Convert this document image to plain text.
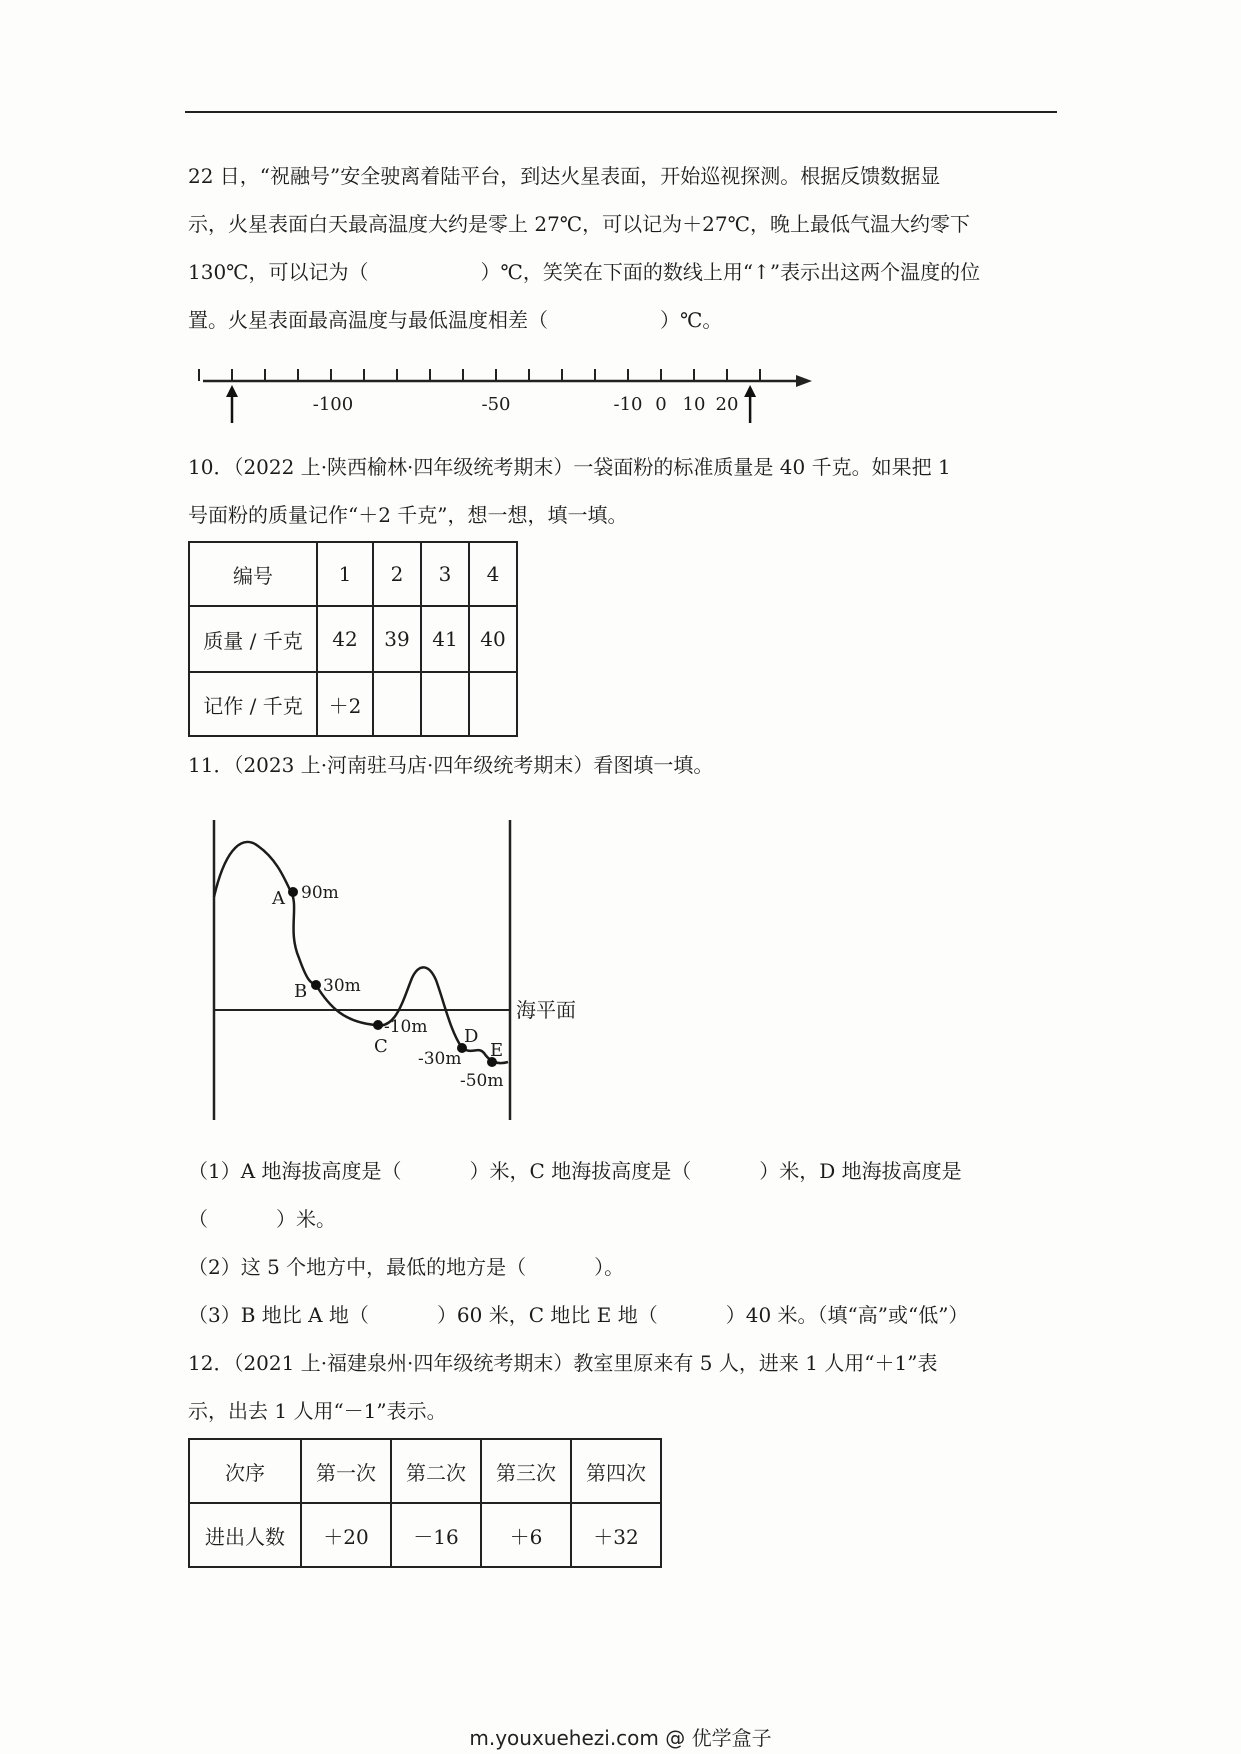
22 日，“祝融号”安全驶离着陆平台，到达火星表面，开始巡视探测。根据反馈数据显

示，火星表面白天最高温度大约是零上 27℃，可以记为＋27℃，晚上最低气温大约零下

130℃，可以记为（	）℃，笑笑在下面的数线上用“↑”表示出这两个温度的位

置。火星表面最高温度与最低温度相差（	）℃。

-100	-50	-10 0 10 20

10．（2022 上·陕西榆林·四年级统考期末）一袋面粉的标准质量是 40 千克。如果把 1

号面粉的质量记作“＋2 千克”，想一想，填一填。

编号	1	2	3	4
质量 / 千克	42	39	41	40
记作 / 千克	＋2			

11．（2023 上·河南驻马店·四年级统考期末）看图填一填。

海平面
A 90m
B 30m
C
-10m D
-30m E
-50m

（1）A 地海拔高度是（	）米，C 地海拔高度是（	）米，D 地海拔高度是

（	）米。

（2）这 5 个地方中，最低的地方是（	）。

（3）B 地比 A 地（	）60 米，C 地比 E 地（	）40 米。（填“高”或“低”）

12．（2021 上·福建泉州·四年级统考期末）教室里原来有 5 人，进来 1 人用“＋1”表

示，出去 1 人用“－1”表示。

次序	第一次	第二次	第三次	第四次
进出人数	＋20	－16	＋6	＋32
m.youxuehezi.com @ 优学盒子
